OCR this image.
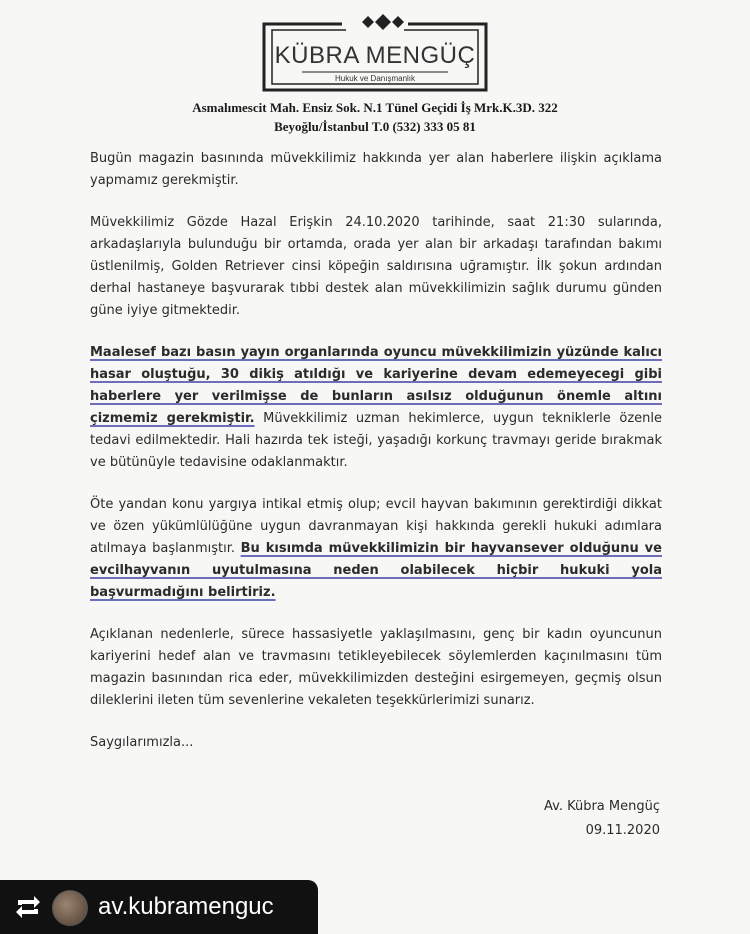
KÜBRA MENGÜÇ
Hukuk ve Danışmanlık
Asmalımescit Mah. Ensiz Sok. N.1 Tünel Geçidi İş Mrk.K.3D. 322
Beyoğlu/İstanbul T.0 (532) 333 05 81

Bugün magazin basınında müvekkilimiz hakkında yer alan haberlere ilişkin açıklama yapmamız gerekmiştir.

Müvekkilimiz Gözde Hazal Erişkin 24.10.2020 tarihinde, saat 21:30 sularında, arkadaşlarıyla bulunduğu bir ortamda, orada yer alan bir arkadaşı tarafından bakımı üstlenilmiş, Golden Retriever cinsi köpeğin saldırısına uğramıştır. İlk şokun ardından derhal hastaneye başvurarak tıbbi destek alan müvekkilimizin sağlık durumu günden güne iyiye gitmektedir.

Maalesef bazı basın yayın organlarında oyuncu müvekkilimizin yüzünde kalıcı hasar oluştuğu, 30 dikiş atıldığı ve kariyerine devam edemeyecegi gibi haberlere yer verilmişse de bunların asılsız olduğunun önemle altını çizmemiz gerekmiştir. Müvekkilimiz uzman hekimlerce, uygun tekniklerle özenle tedavi edilmektedir. Hali hazırda tek isteği, yaşadığı korkunç travmayı geride bırakmak ve bütünüyle tedavisine odaklanmaktır.

Öte yandan konu yargıya intikal etmiş olup; evcil hayvan bakımının gerektirdiği dikkat ve özen yükümlülüğüne uygun davranmayan kişi hakkında gerekli hukuki adımlara atılmaya başlanmıştır. Bu kısımda müvekkilimizin bir hayvansever olduğunu ve evcilhayvanın uyutulmasına neden olabilecek hiçbir hukuki yola başvurmadığını belirtiriz.

Açıklanan nedenlerle, sürece hassasiyetle yaklaşılmasını, genç bir kadın oyuncunun kariyerini hedef alan ve travmasını tetikleyebilecek söylemlerden kaçınılmasını tüm magazin basınından rica eder, müvekkilimizden desteğini esirgemeyen, geçmiş olsun dileklerini ileten tüm sevenlerine vekaleten teşekkürlerimizi sunarız.

Saygılarımızla...

Av. Kübra Mengüç
09.11.2020
av.kubramenguc
